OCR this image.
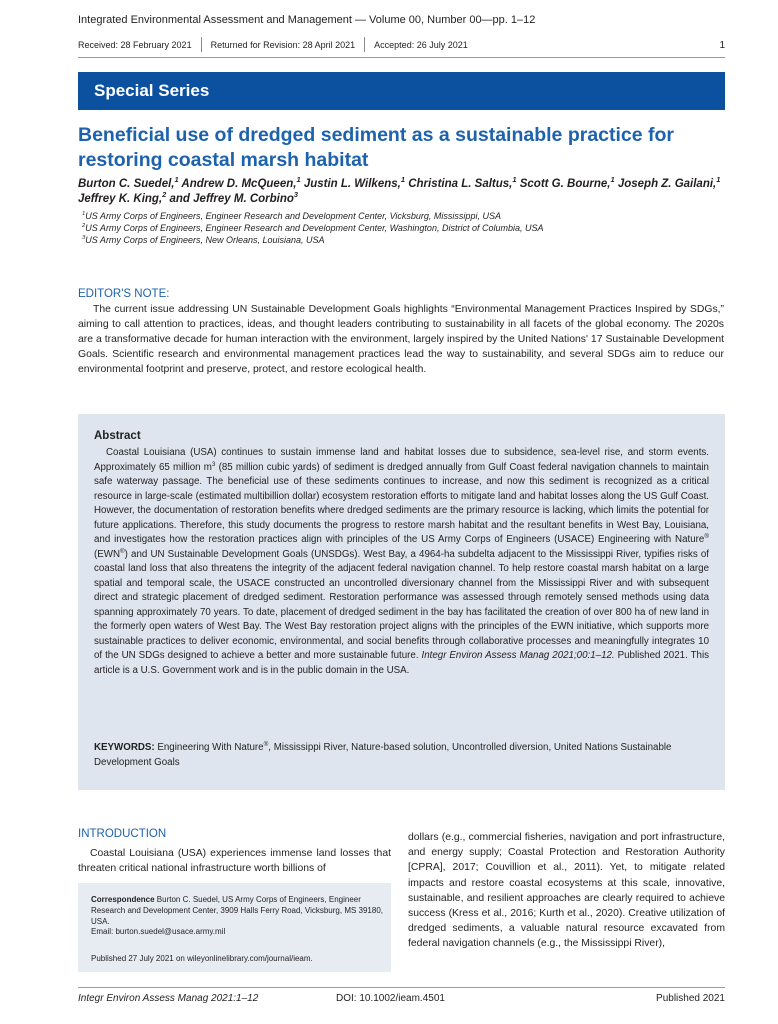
Integrated Environmental Assessment and Management — Volume 00, Number 00—pp. 1–12
Received: 28 February 2021 Returned for Revision: 28 April 2021 Accepted: 26 July 2021	1
Special Series
Beneficial use of dredged sediment as a sustainable practice for restoring coastal marsh habitat

Burton C. Suedel,$^1$ Andrew D. McQueen,$^1$ Justin L. Wilkens,$^1$ Christina L. Saltus,$^1$ Scott G. Bourne,$^1$ Joseph Z. Gailani,$^1$ Jeffrey K. King,$^2$ and Jeffrey M. Corbino$^3$

$^1$US Army Corps of Engineers, Engineer Research and Development Center, Vicksburg, Mississippi, USA
$^2$US Army Corps of Engineers, Engineer Research and Development Center, Washington, District of Columbia, USA
$^3$US Army Corps of Engineers, New Orleans, Louisiana, USA
EDITOR'S NOTE:

The current issue addressing UN Sustainable Development Goals highlights “Environmental Management Practices Inspired by SDGs,” aiming to call attention to practices, ideas, and thought leaders contributing to sustainability in all facets of the global economy. The 2020s are a transformative decade for human interaction with the environment, largely inspired by the United Nations' 17 Sustainable Development Goals. Scientific research and environmental management practices lead the way to sustainability, and several SDGs aim to reduce our environmental footprint and preserve, protect, and restore ecological health.

Abstract

Coastal Louisiana (USA) continues to sustain immense land and habitat losses due to subsidence, sea-level rise, and storm events. Approximately 65 million $m^3$ (85 million cubic yards) of sediment is dredged annually from Gulf Coast federal navigation channels to maintain safe waterway passage. The beneficial use of these sediments continues to increase, and now this sediment is recognized as a critical resource in large-scale (estimated multibillion dollar) ecosystem restoration efforts to mitigate land and habitat losses along the US Gulf Coast. However, the documentation of restoration benefits where dredged sediments are the primary resource is lacking, which limits the potential for future applications. Therefore, this study documents the progress to restore marsh habitat and the resultant benefits in West Bay, Louisiana, and investigates how the restoration practices align with principles of the US Army Corps of Engineers (USACE) Engineering with Nature® (EWN®) and UN Sustainable Development Goals (UNSDGs). West Bay, a 4964-ha subdelta adjacent to the Mississippi River, typifies risks of coastal land loss that also threatens the integrity of the adjacent federal navigation channel. To help restore coastal marsh habitat on a large spatial and temporal scale, the USACE constructed an uncontrolled diversionary channel from the Mississippi River and with subsequent direct and strategic placement of dredged sediment. Restoration performance was assessed through remotely sensed methods using data spanning approximately 70 years. To date, placement of dredged sediment in the bay has facilitated the creation of over 800 ha of new land in the formerly open waters of West Bay. The West Bay restoration project aligns with the principles of the EWN initiative, which supports more sustainable practices to deliver economic, environmental, and social benefits through collaborative processes and meaningfully integrates 10 of the UN SDGs designed to achieve a better and more sustainable future. Integr Environ Assess Manag 2021;00:1–12. Published 2021. This article is a U.S. Government work and is in the public domain in the USA.

KEYWORDS: Engineering With Nature®, Mississippi River, Nature-based solution, Uncontrolled diversion, United Nations Sustainable Development Goals

INTRODUCTION

Coastal Louisiana (USA) experiences immense land losses that threaten critical national infrastructure worth billions of

Correspondence Burton C. Suedel, US Army Corps of Engineers, Engineer Research and Development Center, 3909 Halls Ferry Road, Vicksburg, MS 39180, USA.
Email: burton.suedel@usace.army.mil

Published 27 July 2021 on wileyonlinelibrary.com/journal/ieam.

dollars (e.g., commercial fisheries, navigation and port infrastructure, and energy supply; Coastal Protection and Restoration Authority [CPRA], 2017; Couvillion et al., 2011). Yet, to mitigate related impacts and restore coastal ecosystems at this scale, innovative, sustainable, and resilient approaches are clearly required to achieve success (Kress et al., 2016; Kurth et al., 2020). Creative utilization of dredged sediments, a valuable natural resource excavated from federal navigation channels (e.g., the Mississippi River),

Integr Environ Assess Manag 2021:1–12	DOI: 10.1002/ieam.4501	Published 2021
